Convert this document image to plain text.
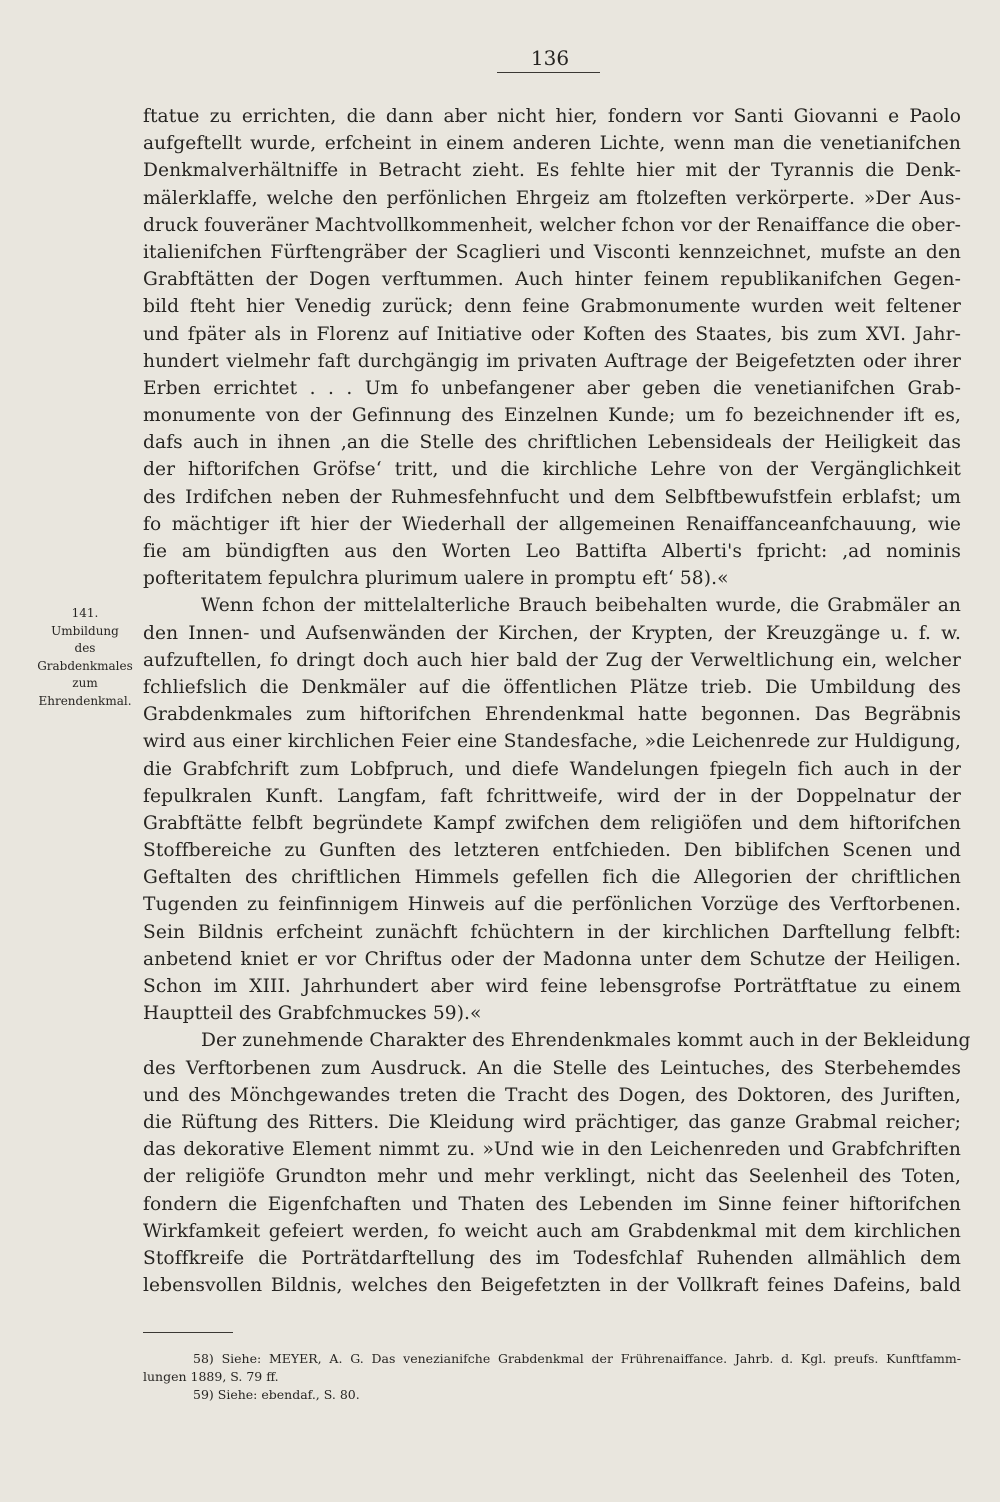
136
141.
Umbildung
des
Grabdenkmales
zum
Ehrendenkmal.
ftatue zu errichten, die dann aber nicht hier, fondern vor Santi Giovanni e Paolo
aufgeftellt wurde, erfcheint in einem anderen Lichte, wenn man die venetianifchen
Denkmalverhältniffe in Betracht zieht. Es fehlte hier mit der Tyrannis die Denk-
mälerklaffe, welche den perfönlichen Ehrgeiz am ftolzeften verkörperte. »Der Aus-
druck fouveräner Machtvollkommenheit, welcher fchon vor der Renaiffance die ober-
italienifchen Fürftengräber der Scaglieri und Visconti kennzeichnet, mufste an den
Grabftätten der Dogen verftummen. Auch hinter feinem republikanifchen Gegen-
bild fteht hier Venedig zurück; denn feine Grabmonumente wurden weit feltener
und fpäter als in Florenz auf Initiative oder Koften des Staates, bis zum XVI. Jahr-
hundert vielmehr faft durchgängig im privaten Auftrage der Beigefetzten oder ihrer
Erben errichtet . . . Um fo unbefangener aber geben die venetianifchen Grab-
monumente von der Gefinnung des Einzelnen Kunde; um fo bezeichnender ift es,
dafs auch in ihnen ‚an die Stelle des chriftlichen Lebensideals der Heiligkeit das
der hiftorifchen Gröfse‘ tritt, und die kirchliche Lehre von der Vergänglichkeit
des Irdifchen neben der Ruhmesfehnfucht und dem Selbftbewufstfein erblafst; um
fo mächtiger ift hier der Wiederhall der allgemeinen Renaiffanceanfchauung, wie
fie am bündigften aus den Worten Leo Battifta Alberti's fpricht: ‚ad nominis
pofteritatem fepulchra plurimum ualere in promptu eft‘ 58).«
Wenn fchon der mittelalterliche Brauch beibehalten wurde, die Grabmäler an
den Innen- und Aufsenwänden der Kirchen, der Krypten, der Kreuzgänge u. f. w.
aufzuftellen, fo dringt doch auch hier bald der Zug der Verweltlichung ein, welcher
fchliefslich die Denkmäler auf die öffentlichen Plätze trieb. Die Umbildung des
Grabdenkmales zum hiftorifchen Ehrendenkmal hatte begonnen. Das Begräbnis
wird aus einer kirchlichen Feier eine Standesfache, »die Leichenrede zur Huldigung,
die Grabfchrift zum Lobfpruch, und diefe Wandelungen fpiegeln fich auch in der
fepulkralen Kunft. Langfam, faft fchrittweife, wird der in der Doppelnatur der
Grabftätte felbft begründete Kampf zwifchen dem religiöfen und dem hiftorifchen
Stoffbereiche zu Gunften des letzteren entfchieden. Den biblifchen Scenen und
Geftalten des chriftlichen Himmels gefellen fich die Allegorien der chriftlichen
Tugenden zu feinfinnigem Hinweis auf die perfönlichen Vorzüge des Verftorbenen.
Sein Bildnis erfcheint zunächft fchüchtern in der kirchlichen Darftellung felbft:
anbetend kniet er vor Chriftus oder der Madonna unter dem Schutze der Heiligen.
Schon im XIII. Jahrhundert aber wird feine lebensgrofse Porträtftatue zu einem
Hauptteil des Grabfchmuckes 59).«
Der zunehmende Charakter des Ehrendenkmales kommt auch in der Bekleidung
des Verftorbenen zum Ausdruck. An die Stelle des Leintuches, des Sterbehemdes
und des Mönchgewandes treten die Tracht des Dogen, des Doktoren, des Juriften,
die Rüftung des Ritters. Die Kleidung wird prächtiger, das ganze Grabmal reicher;
das dekorative Element nimmt zu. »Und wie in den Leichenreden und Grabfchriften
der religiöfe Grundton mehr und mehr verklingt, nicht das Seelenheil des Toten,
fondern die Eigenfchaften und Thaten des Lebenden im Sinne feiner hiftorifchen
Wirkfamkeit gefeiert werden, fo weicht auch am Grabdenkmal mit dem kirchlichen
Stoffkreife die Porträtdarftellung des im Todesfchlaf Ruhenden allmählich dem
lebensvollen Bildnis, welches den Beigefetzten in der Vollkraft feines Dafeins, bald
58) Siehe: MEYER, A. G. Das venezianifche Grabdenkmal der Frührenaiffance. Jahrb. d. Kgl. preufs. Kunftfamm-
lungen 1889, S. 79 ff.
59) Siehe: ebendaf., S. 80.
